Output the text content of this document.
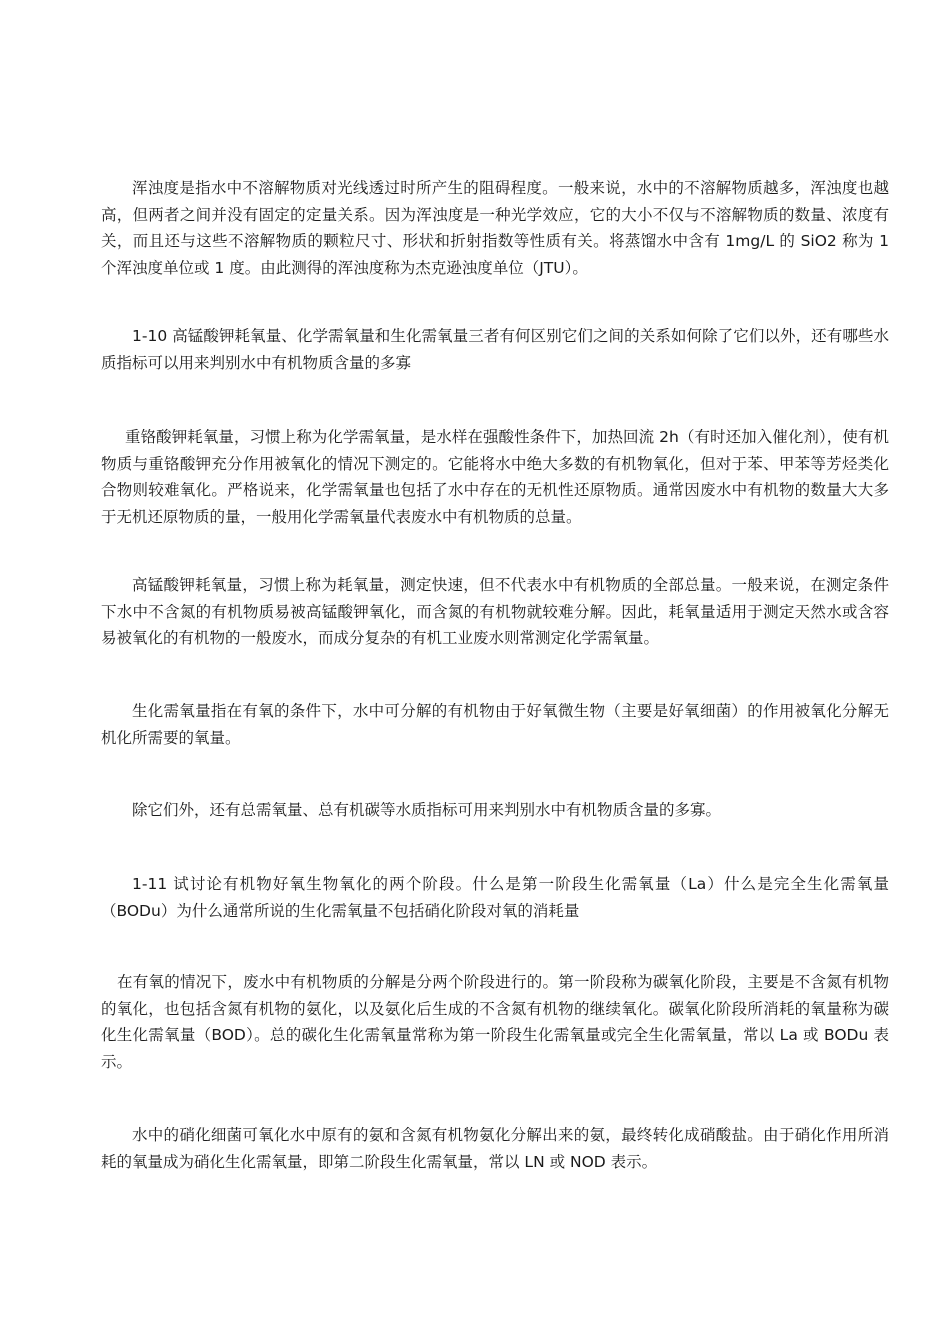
浑浊度是指水中不溶解物质对光线透过时所产生的阻碍程度。一般来说，水中的不溶解物质越多，浑浊度也越高，但两者之间并没有固定的定量关系。因为浑浊度是一种光学效应，它的大小不仅与不溶解物质的数量、浓度有关，而且还与这些不溶解物质的颗粒尺寸、形状和折射指数等性质有关。将蒸馏水中含有 1mg/L 的 SiO2 称为 1 个浑浊度单位或 1 度。由此测得的浑浊度称为杰克逊浊度单位（JTU）。

1-10 高锰酸钾耗氧量、化学需氧量和生化需氧量三者有何区别它们之间的关系如何除了它们以外，还有哪些水质指标可以用来判别水中有机物质含量的多寡

重铬酸钾耗氧量，习惯上称为化学需氧量，是水样在强酸性条件下，加热回流 2h（有时还加入催化剂），使有机物质与重铬酸钾充分作用被氧化的情况下测定的。它能将水中绝大多数的有机物氧化，但对于苯、甲苯等芳烃类化合物则较难氧化。严格说来，化学需氧量也包括了水中存在的无机性还原物质。通常因废水中有机物的数量大大多于无机还原物质的量，一般用化学需氧量代表废水中有机物质的总量。

高锰酸钾耗氧量，习惯上称为耗氧量，测定快速，但不代表水中有机物质的全部总量。一般来说，在测定条件下水中不含氮的有机物质易被高锰酸钾氧化，而含氮的有机物就较难分解。因此，耗氧量适用于测定天然水或含容易被氧化的有机物的一般废水，而成分复杂的有机工业废水则常测定化学需氧量。

生化需氧量指在有氧的条件下，水中可分解的有机物由于好氧微生物（主要是好氧细菌）的作用被氧化分解无机化所需要的氧量。

除它们外，还有总需氧量、总有机碳等水质指标可用来判别水中有机物质含量的多寡。

1-11 试讨论有机物好氧生物氧化的两个阶段。什么是第一阶段生化需氧量（La）什么是完全生化需氧量（BODu）为什么通常所说的生化需氧量不包括硝化阶段对氧的消耗量

在有氧的情况下，废水中有机物质的分解是分两个阶段进行的。第一阶段称为碳氧化阶段，主要是不含氮有机物的氧化，也包括含氮有机物的氨化，以及氨化后生成的不含氮有机物的继续氧化。碳氧化阶段所消耗的氧量称为碳化生化需氧量（BOD）。总的碳化生化需氧量常称为第一阶段生化需氧量或完全生化需氧量，常以 La 或 BODu 表示。

水中的硝化细菌可氧化水中原有的氨和含氮有机物氨化分解出来的氨，最终转化成硝酸盐。由于硝化作用所消耗的氧量成为硝化生化需氧量，即第二阶段生化需氧量，常以 LN 或 NOD 表示。
